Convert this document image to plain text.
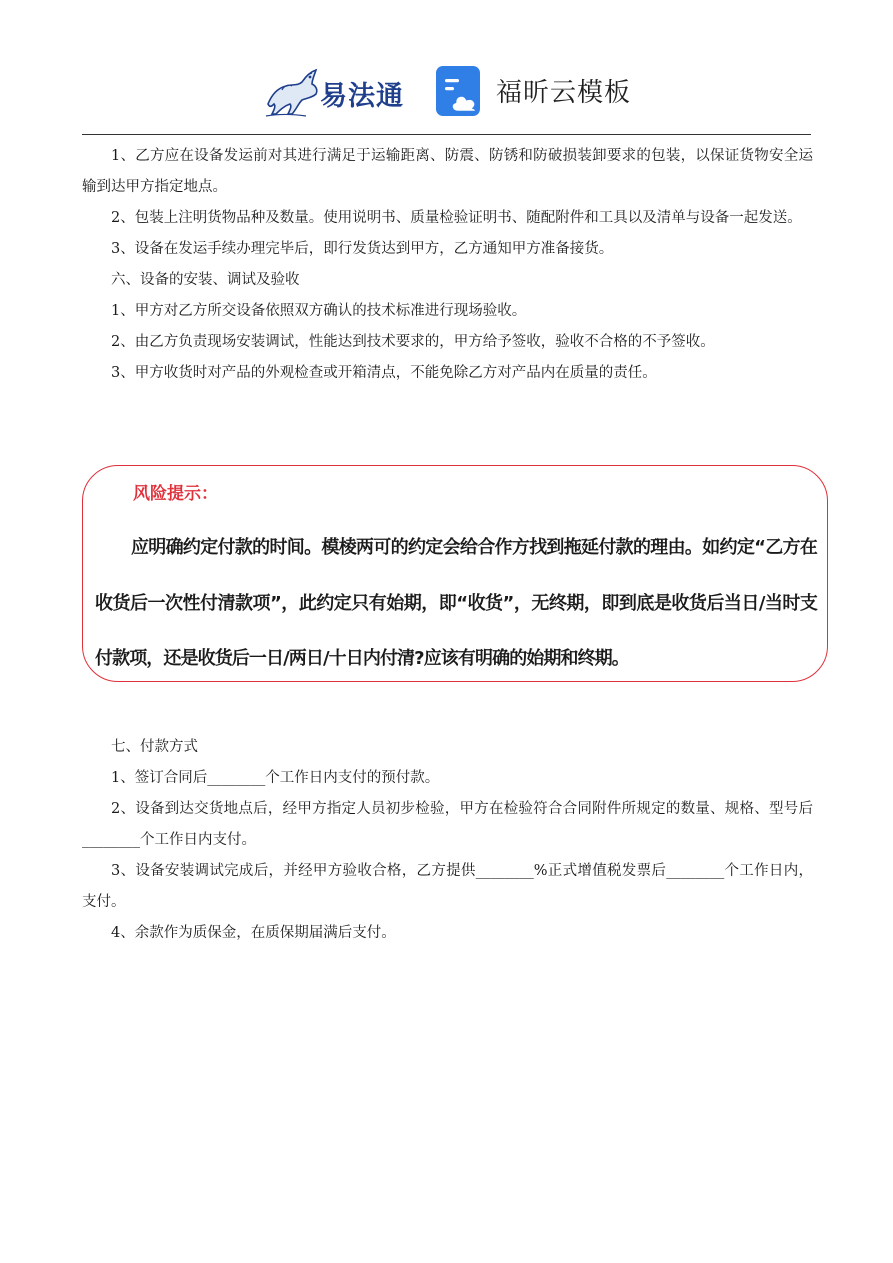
易法通	福昕云模板

1、乙方应在设备发运前对其进行满足于运输距离、防震、防锈和防破损装卸要求的包装，以保证货物安全运输到达甲方指定地点。

2、包装上注明货物品种及数量。使用说明书、质量检验证明书、随配附件和工具以及清单与设备一起发送。

3、设备在发运手续办理完毕后，即行发货达到甲方，乙方通知甲方准备接货。

六、设备的安装、调试及验收

1、甲方对乙方所交设备依照双方确认的技术标准进行现场验收。

2、由乙方负责现场安装调试，性能达到技术要求的，甲方给予签收，验收不合格的不予签收。

3、甲方收货时对产品的外观检查或开箱清点，不能免除乙方对产品内在质量的责任。

风险提示：

应明确约定付款的时间。模棱两可的约定会给合作方找到拖延付款的理由。如约定“乙方在收货后一次性付清款项”，此约定只有始期，即“收货”，无终期，即到底是收货后当日/当时支付款项，还是收货后一日/两日/十日内付清?应该有明确的始期和终期。

七、付款方式

1、签订合同后________个工作日内支付的预付款。

2、设备到达交货地点后，经甲方指定人员初步检验，甲方在检验符合合同附件所规定的数量、规格、型号后________个工作日内支付。

3、设备安装调试完成后，并经甲方验收合格，乙方提供________%正式增值税发票后________个工作日内，支付。

4、余款作为质保金，在质保期届满后支付。
